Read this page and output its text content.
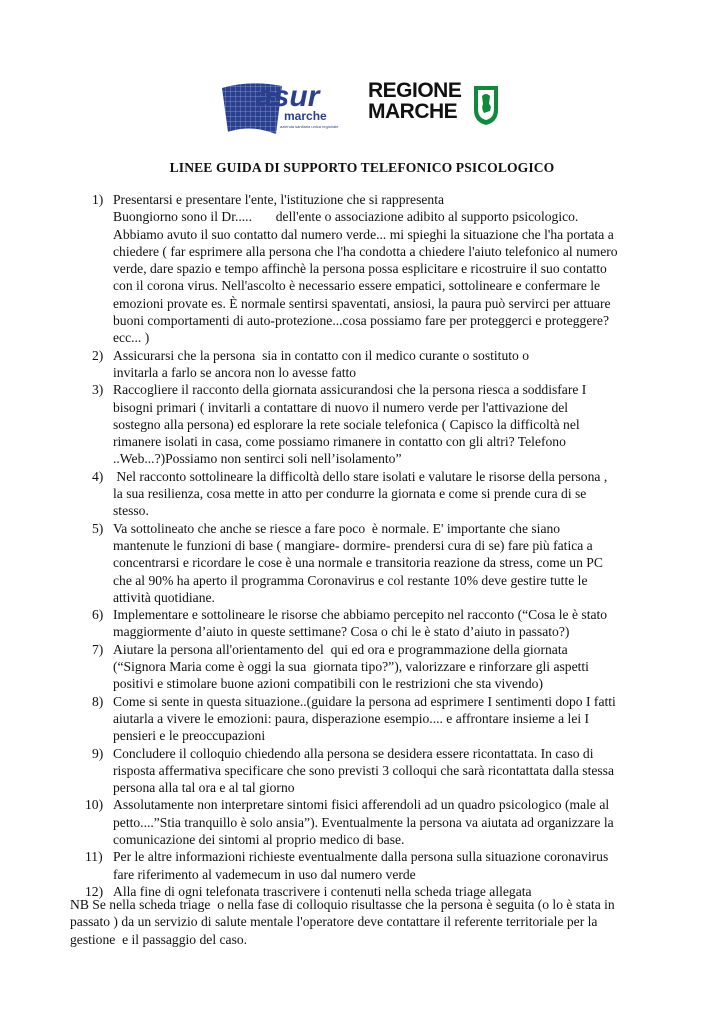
asur
marche
azienda sanitaria unica regionale
REGIONE
MARCHE
LINEE GUIDA DI SUPPORTO TELEFONICO PSICOLOGICO
1) Presentarsi e presentare l'ente, l'istituzione che si rappresenta
Buongiorno sono il Dr.....       dell'ente o associazione adibito al supporto psicologico.
Abbiamo avuto il suo contatto dal numero verde... mi spieghi la situazione che l'ha portata a
chiedere ( far esprimere alla persona che l'ha condotta a chiedere l'aiuto telefonico al numero
verde, dare spazio e tempo affinchè la persona possa esplicitare e ricostruire il suo contatto
con il corona virus. Nell'ascolto è necessario essere empatici, sottolineare e confermare le
emozioni provate es. È normale sentirsi spaventati, ansiosi, la paura può servirci per attuare
buoni comportamenti di auto-protezione...cosa possiamo fare per proteggerci e proteggere?
ecc... )
2) Assicurarsi che la persona  sia in contatto con il medico curante o sostituto o
invitarla a farlo se ancora non lo avesse fatto
3) Raccogliere il racconto della giornata assicurandosi che la persona riesca a soddisfare I
bisogni primari ( invitarli a contattare di nuovo il numero verde per l'attivazione del
sostegno alla persona) ed esplorare la rete sociale telefonica ( Capisco la difficoltà nel
rimanere isolati in casa, come possiamo rimanere in contatto con gli altri? Telefono
..Web...?)Possiamo non sentirci soli nell’isolamento”
4) Nel racconto sottolineare la difficoltà dello stare isolati e valutare le risorse della persona ,
la sua resilienza, cosa mette in atto per condurre la giornata e come si prende cura di se
stesso.
5) Va sottolineato che anche se riesce a fare poco  è normale. E' importante che siano
mantenute le funzioni di base ( mangiare- dormire- prendersi cura di se) fare più fatica a
concentrarsi e ricordare le cose è una normale e transitoria reazione da stress, come un PC
che al 90% ha aperto il programma Coronavirus e col restante 10% deve gestire tutte le
attività quotidiane.
6) Implementare e sottolineare le risorse che abbiamo percepito nel racconto (“Cosa le è stato
maggiormente d’aiuto in queste settimane? Cosa o chi le è stato d’aiuto in passato?)
7) Aiutare la persona all'orientamento del  qui ed ora e programmazione della giornata
(“Signora Maria come è oggi la sua  giornata tipo?”), valorizzare e rinforzare gli aspetti
positivi e stimolare buone azioni compatibili con le restrizioni che sta vivendo)
8) Come si sente in questa situazione..(guidare la persona ad esprimere I sentimenti dopo I fatti
aiutarla a vivere le emozioni: paura, disperazione esempio.... e affrontare insieme a lei I
pensieri e le preoccupazioni
9) Concludere il colloquio chiedendo alla persona se desidera essere ricontattata. In caso di
risposta affermativa specificare che sono previsti 3 colloqui che sarà ricontattata dalla stessa
persona alla tal ora e al tal giorno
10) Assolutamente non interpretare sintomi fisici afferendoli ad un quadro psicologico (male al
petto....”Stia tranquillo è solo ansia”). Eventualmente la persona va aiutata ad organizzare la
comunicazione dei sintomi al proprio medico di base.
11) Per le altre informazioni richieste eventualmente dalla persona sulla situazione coronavirus
fare riferimento al vademecum in uso dal numero verde
12) Alla fine di ogni telefonata trascrivere i contenuti nella scheda triage allegata
NB Se nella scheda triage  o nella fase di colloquio risultasse che la persona è seguita (o lo è stata in
passato ) da un servizio di salute mentale l'operatore deve contattare il referente territoriale per la
gestione  e il passaggio del caso.
